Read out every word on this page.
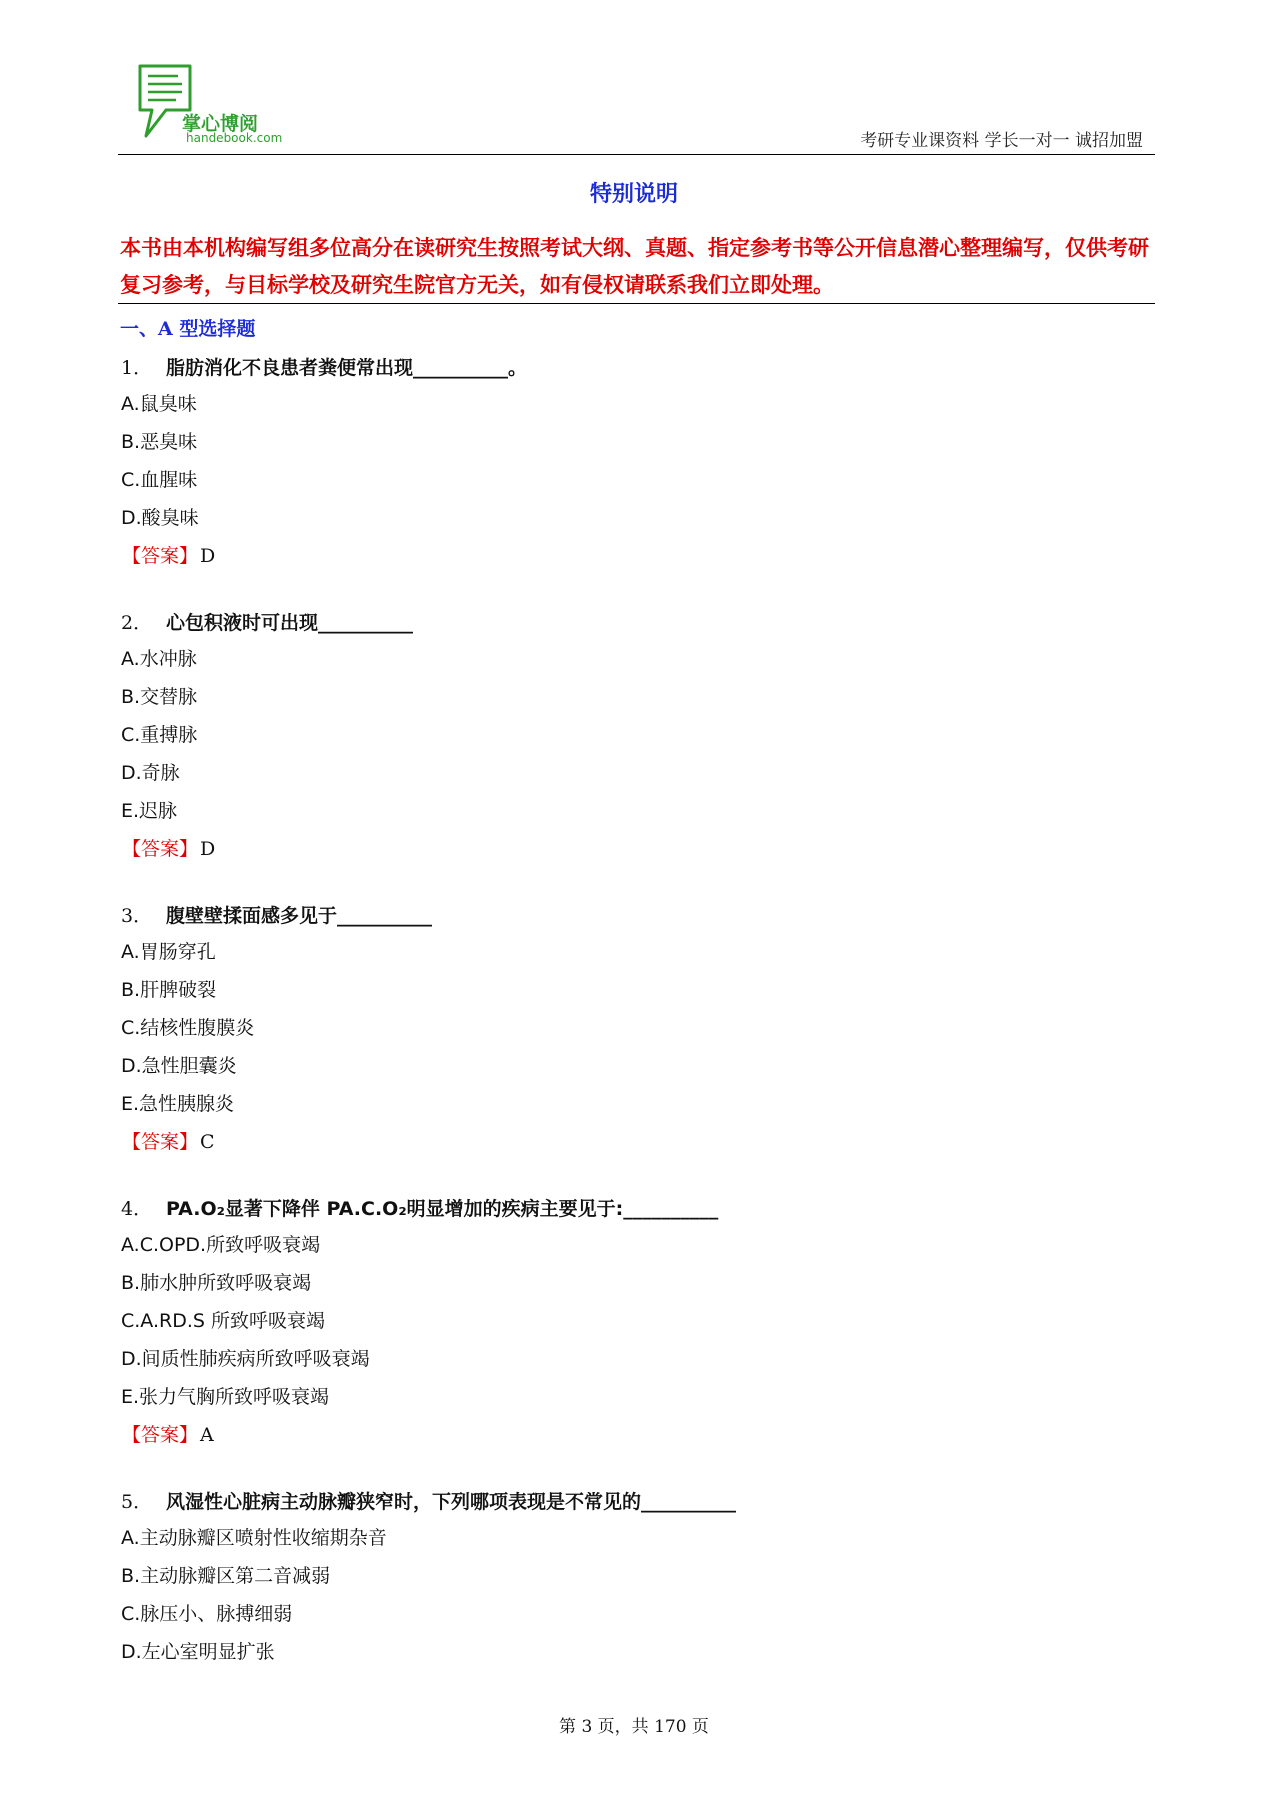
掌心博阅
handebook.com	考研专业课资料 学长一对一 诚招加盟
特别说明
本书由本机构编写组多位高分在读研究生按照考试大纲、真题、指定参考书等公开信息潜心整理编写，仅供考研复习参考，与目标学校及研究生院官方无关，如有侵权请联系我们立即处理。
一、A 型选择题
1． 脂肪消化不良患者粪便常出现__________。
A.鼠臭味
B.恶臭味
C.血腥味
D.酸臭味
【答案】 D
2． 心包积液时可出现__________
A.水冲脉
B.交替脉
C.重搏脉
D.奇脉
E.迟脉
【答案】 D
3． 腹壁壁揉面感多见于__________
A.胃肠穿孔
B.肝脾破裂
C.结核性腹膜炎
D.急性胆囊炎
E.急性胰腺炎
【答案】 C
4． PA.O₂显著下降伴 PA.C.O₂明显增加的疾病主要见于:__________
A.C.OPD.所致呼吸衰竭
B.肺水肿所致呼吸衰竭
C.A.RD.S 所致呼吸衰竭
D.间质性肺疾病所致呼吸衰竭
E.张力气胸所致呼吸衰竭
【答案】 A
5． 风湿性心脏病主动脉瓣狭窄时，下列哪项表现是不常见的__________
A.主动脉瓣区喷射性收缩期杂音
B.主动脉瓣区第二音减弱
C.脉压小、脉搏细弱
D.左心室明显扩张
第 3 页，共 170 页
